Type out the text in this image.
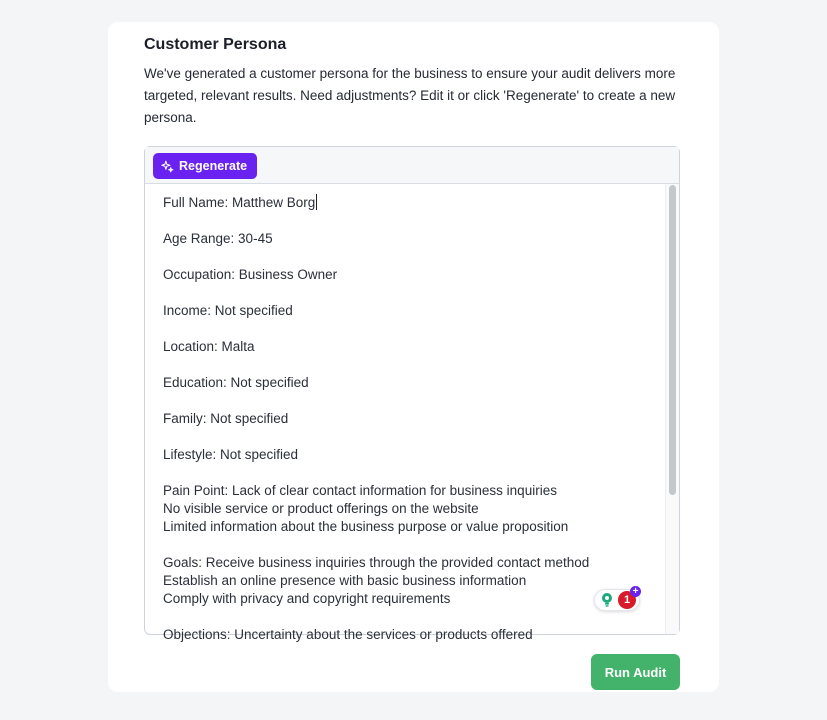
Customer Persona
We've generated a customer persona for the business to ensure your audit delivers more targeted, relevant results. Need adjustments? Edit it or click 'Regenerate' to create a new persona.
Regenerate
Full Name: Matthew Borg
Age Range: 30-45
Occupation: Business Owner
Income: Not specified
Location: Malta
Education: Not specified
Family: Not specified
Lifestyle: Not specified
Pain Point: Lack of clear contact information for business inquiries
No visible service or product offerings on the website
Limited information about the business purpose or value proposition
Goals: Receive business inquiries through the provided contact method
Establish an online presence with basic business information
Comply with privacy and copyright requirements
Objections: Uncertainty about the services or products offered
1
+
Run Audit
